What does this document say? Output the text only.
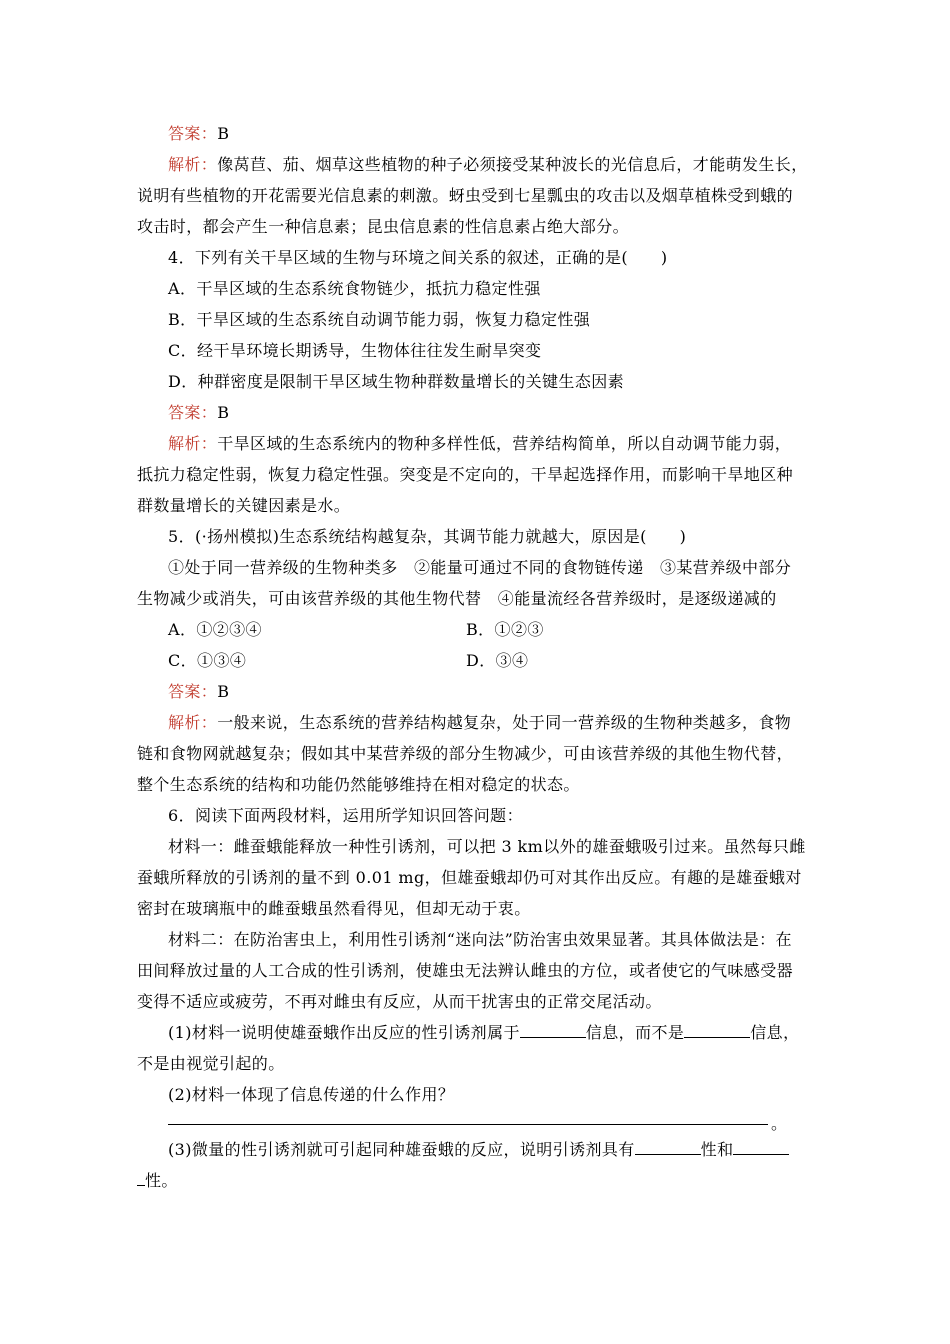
答案：B
解析：像莴苣、茄、烟草这些植物的种子必须接受某种波长的光信息后，才能萌发生长，
说明有些植物的开花需要光信息素的刺激。蚜虫受到七星瓢虫的攻击以及烟草植株受到蛾的
攻击时，都会产生一种信息素；昆虫信息素的性信息素占绝大部分。
4．下列有关干旱区域的生物与环境之间关系的叙述，正确的是(　　)
A．干旱区域的生态系统食物链少，抵抗力稳定性强
B．干旱区域的生态系统自动调节能力弱，恢复力稳定性强
C．经干旱环境长期诱导，生物体往往发生耐旱突变
D．种群密度是限制干旱区域生物种群数量增长的关键生态因素
答案：B
解析：干旱区域的生态系统内的物种多样性低，营养结构简单，所以自动调节能力弱，
抵抗力稳定性弱，恢复力稳定性强。突变是不定向的，干旱起选择作用，而影响干旱地区种
群数量增长的关键因素是水。
5．(·扬州模拟)生态系统结构越复杂，其调节能力就越大，原因是(　　)
①处于同一营养级的生物种类多　②能量可通过不同的食物链传递　③某营养级中部分
生物减少或消失，可由该营养级的其他生物代替　④能量流经各营养级时，是逐级递减的
A．①②③④	B．①②③
C．①③④	D．③④
答案：B
解析：一般来说，生态系统的营养结构越复杂，处于同一营养级的生物种类越多，食物
链和食物网就越复杂；假如其中某营养级的部分生物减少，可由该营养级的其他生物代替，
整个生态系统的结构和功能仍然能够维持在相对稳定的状态。
6．阅读下面两段材料，运用所学知识回答问题：
材料一：雌蚕蛾能释放一种性引诱剂，可以把 3 km以外的雄蚕蛾吸引过来。虽然每只雌
蚕蛾所释放的引诱剂的量不到 0.01 mg，但雄蚕蛾却仍可对其作出反应。有趣的是雄蚕蛾对
密封在玻璃瓶中的雌蚕蛾虽然看得见，但却无动于衷。
材料二：在防治害虫上，利用性引诱剂“迷向法”防治害虫效果显著。其具体做法是：在
田间释放过量的人工合成的性引诱剂，使雄虫无法辨认雌虫的方位，或者使它的气味感受器
变得不适应或疲劳，不再对雌虫有反应，从而干扰害虫的正常交尾活动。
(1)材料一说明使雄蚕蛾作出反应的性引诱剂属于	信息，而不是	信息，
不是由视觉引起的。
(2)材料一体现了信息传递的什么作用？
。
(3)微量的性引诱剂就可引起同种雄蚕蛾的反应，说明引诱剂具有	性和
性。
